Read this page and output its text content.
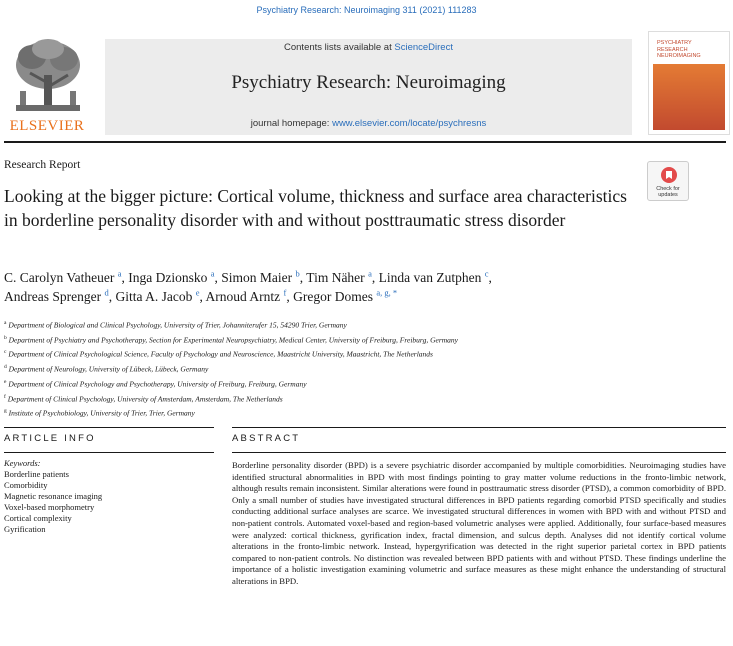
Psychiatry Research: Neuroimaging 311 (2021) 111283
ELSEVIER
Contents lists available at ScienceDirect
Psychiatry Research: Neuroimaging
journal homepage: www.elsevier.com/locate/psychresns
PSYCHIATRY RESEARCH NEUROIMAGING
Research Report
Looking at the bigger picture: Cortical volume, thickness and surface area characteristics in borderline personality disorder with and without posttraumatic stress disorder
Check for
updates
C. Carolyn Vatheuer $^a$, Inga Dzionsko $^a$, Simon Maier $^b$, Tim Näher $^a$, Linda van Zutphen $^c$,
Andreas Sprenger $^d$, Gitta A. Jacob $^e$, Arnoud Arntz $^f$, Gregor Domes $^{a, g, *}$
$^a$ Department of Biological and Clinical Psychology, University of Trier, Johanniterufer 15, 54290 Trier, Germany
$^b$ Department of Psychiatry and Psychotherapy, Section for Experimental Neuropsychiatry, Medical Center, University of Freiburg, Freiburg, Germany
$^c$ Department of Clinical Psychological Science, Faculty of Psychology and Neuroscience, Maastricht University, Maastricht, The Netherlands
$^d$ Department of Neurology, University of Lübeck, Lübeck, Germany
$^e$ Department of Clinical Psychology and Psychotherapy, University of Freiburg, Freiburg, Germany
$^f$ Department of Clinical Psychology, University of Amsterdam, Amsterdam, The Netherlands
$^g$ Institute of Psychobiology, University of Trier, Trier, Germany
ARTICLE INFO	ABSTRACT
Keywords:
Borderline patients
Comorbidity
Magnetic resonance imaging
Voxel-based morphometry
Cortical complexity
Gyrification
Borderline personality disorder (BPD) is a severe psychiatric disorder accompanied by multiple comorbidities. Neuroimaging studies have identified structural abnormalities in BPD with most findings pointing to gray matter volume reductions in the fronto-limbic network, although results remain inconsistent. Similar alterations were found in posttraumatic stress disorder (PTSD), a common comorbidity of BPD. Only a small number of studies have investigated structural differences in BPD patients regarding comorbid PTSD specifically and studies conducting additional surface analyses are scarce. We investigated structural differences in women with BPD with and without PTSD and non-patient controls. Automated voxel-based and region-based volumetric analyses were applied. Additionally, four surface-based measures were analyzed: cortical thickness, gyrification index, fractal dimension, and sulcus depth. Analyses did not identify cortical volume alterations in the fronto-limbic network. Instead, hypergyrification was detected in the right superior parietal cortex in BPD patients compared to non-patient controls. No distinction was revealed between BPD patients with and without PTSD. These findings underline the importance of a holistic investigation examining volumetric and surface measures as these might enhance the understanding of structural alterations in BPD.
